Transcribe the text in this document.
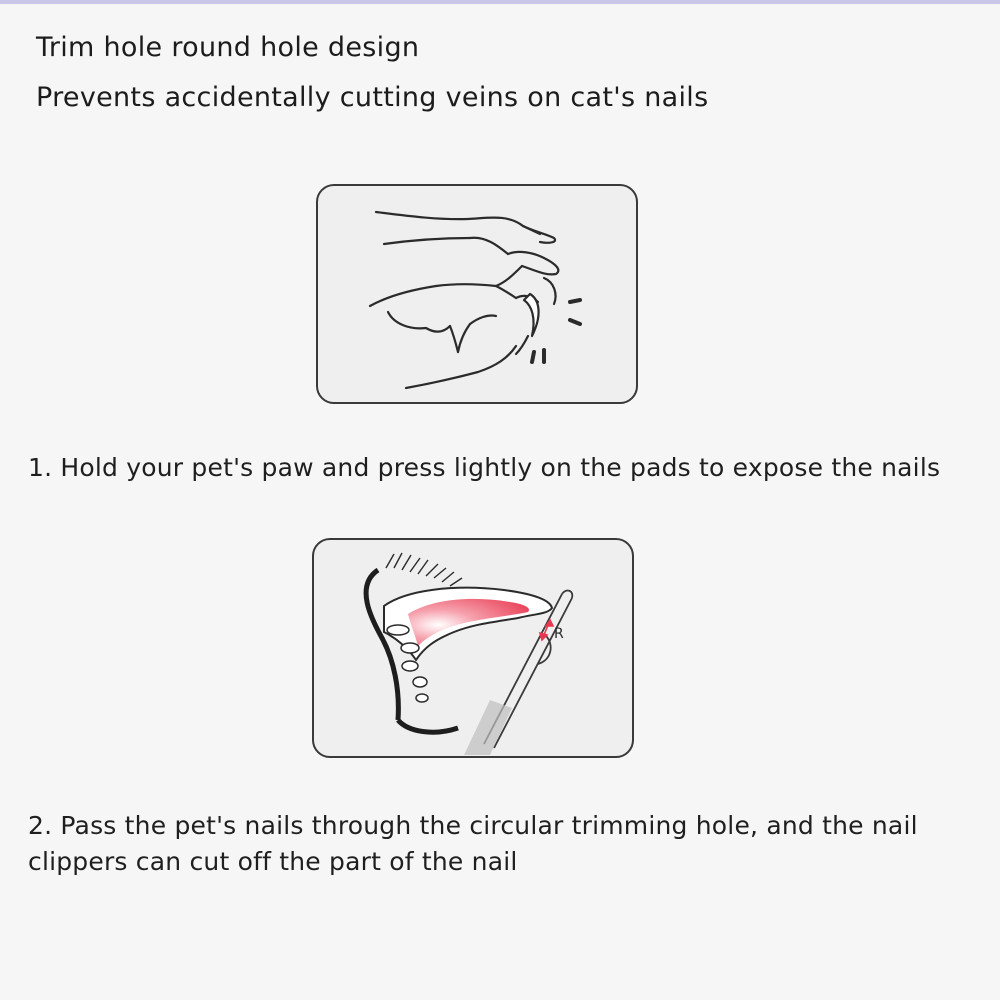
Trim hole round hole design
Prevents accidentally cutting veins on cat's nails
1. Hold your pet's paw and press lightly on the pads to expose the nails
R
2. Pass the pet's nails through the circular trimming hole, and the nail clippers can cut off the part of the nail
